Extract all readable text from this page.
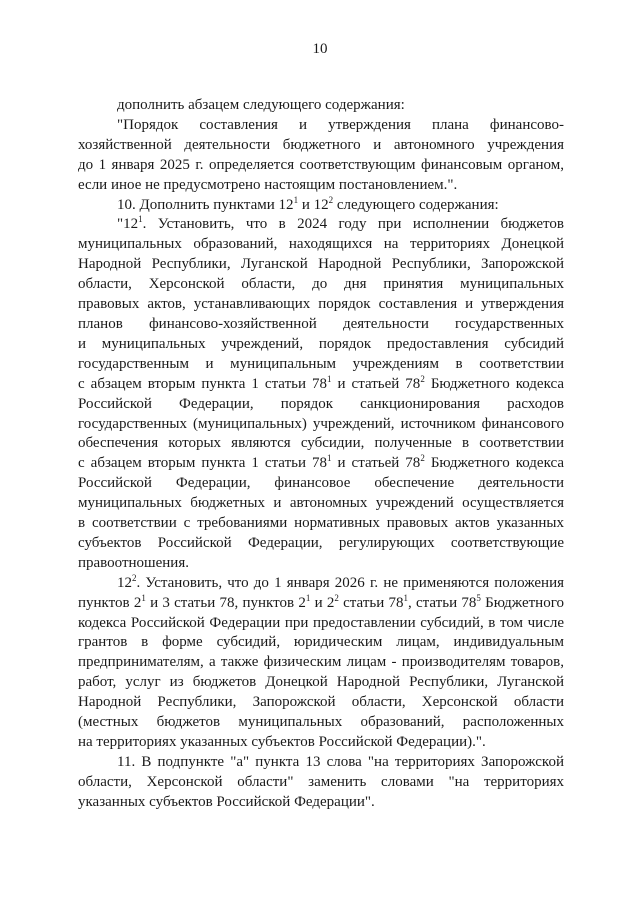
10
дополнить абзацем следующего содержания:
"Порядок составления и утверждения плана финансово-
хозяйственной деятельности бюджетного и автономного учреждения
до 1 января 2025 г. определяется соответствующим финансовым органом,
если иное не предусмотрено настоящим постановлением.".
10. Дополнить пунктами $12^1$ и $12^2$ следующего содержания:
"$12^1$. Установить, что в 2024 году при исполнении бюджетов
муниципальных образований, находящихся на территориях Донецкой
Народной Республики, Луганской Народной Республики, Запорожской
области, Херсонской области, до дня принятия муниципальных
правовых актов, устанавливающих порядок составления и утверждения
планов финансово-хозяйственной деятельности государственных
и муниципальных учреждений, порядок предоставления субсидий
государственным и муниципальным учреждениям в соответствии
с абзацем вторым пункта 1 статьи $78^1$ и статьей $78^2$ Бюджетного кодекса
Российской Федерации, порядок санкционирования расходов
государственных (муниципальных) учреждений, источником финансового
обеспечения которых являются субсидии, полученные в соответствии
с абзацем вторым пункта 1 статьи $78^1$ и статьей $78^2$ Бюджетного кодекса
Российской Федерации, финансовое обеспечение деятельности
муниципальных бюджетных и автономных учреждений осуществляется
в соответствии с требованиями нормативных правовых актов указанных
субъектов Российской Федерации, регулирующих соответствующие
правоотношения.
$12^2$. Установить, что до 1 января 2026 г. не применяются положения
пунктов $2^1$ и 3 статьи 78, пунктов $2^1$ и $2^2$ статьи $78^1$, статьи $78^5$ Бюджетного
кодекса Российской Федерации при предоставлении субсидий, в том числе
грантов в форме субсидий, юридическим лицам, индивидуальным
предпринимателям, а также физическим лицам - производителям товаров,
работ, услуг из бюджетов Донецкой Народной Республики, Луганской
Народной Республики, Запорожской области, Херсонской области
(местных бюджетов муниципальных образований, расположенных
на территориях указанных субъектов Российской Федерации).".
11. В подпункте "а" пункта 13 слова "на территориях Запорожской
области, Херсонской области" заменить словами "на территориях
указанных субъектов Российской Федерации".
